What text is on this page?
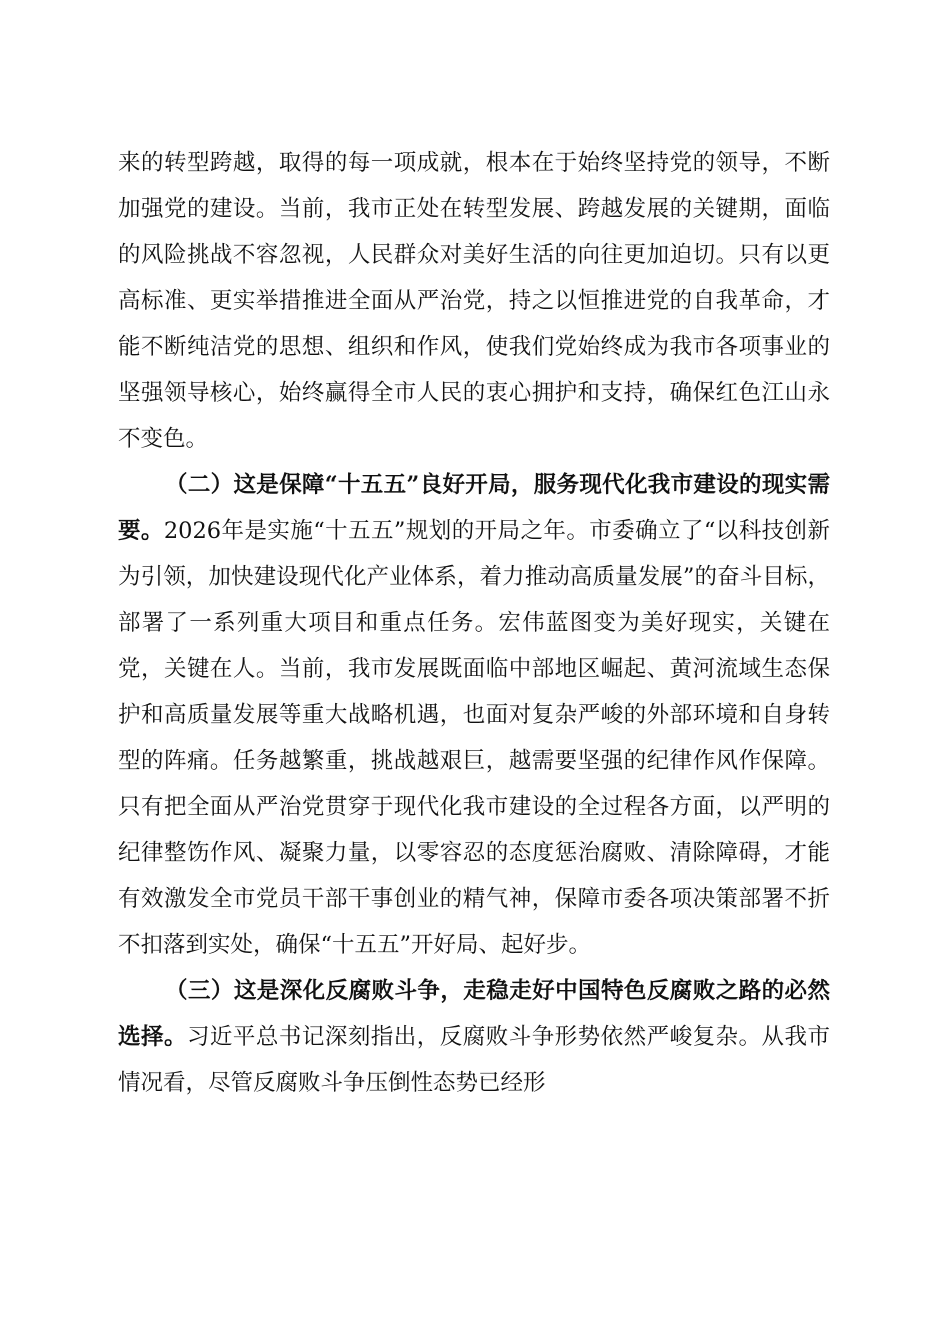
来的转型跨越，取得的每一项成就，根本在于始终坚持党的领导，不断加强党的建设。当前，我市正处在转型发展、跨越发展的关键期，面临的风险挑战不容忽视，人民群众对美好生活的向往更加迫切。只有以更高标准、更实举措推进全面从严治党，持之以恒推进党的自我革命，才能不断纯洁党的思想、组织和作风，使我们党始终成为我市各项事业的坚强领导核心，始终赢得全市人民的衷心拥护和支持，确保红色江山永不变色。

（二）这是保障“十五五”良好开局，服务现代化我市建设的现实需要。2026年是实施“十五五”规划的开局之年。市委确立了“以科技创新为引领，加快建设现代化产业体系，着力推动高质量发展”的奋斗目标，部署了一系列重大项目和重点任务。宏伟蓝图变为美好现实，关键在党，关键在人。当前，我市发展既面临中部地区崛起、黄河流域生态保护和高质量发展等重大战略机遇，也面对复杂严峻的外部环境和自身转型的阵痛。任务越繁重，挑战越艰巨，越需要坚强的纪律作风作保障。只有把全面从严治党贯穿于现代化我市建设的全过程各方面，以严明的纪律整饬作风、凝聚力量，以零容忍的态度惩治腐败、清除障碍，才能有效激发全市党员干部干事创业的精气神，保障市委各项决策部署不折不扣落到实处，确保“十五五”开好局、起好步。

（三）这是深化反腐败斗争，走稳走好中国特色反腐败之路的必然选择。习近平总书记深刻指出，反腐败斗争形势依然严峻复杂。从我市情况看，尽管反腐败斗争压倒性态势已经形
